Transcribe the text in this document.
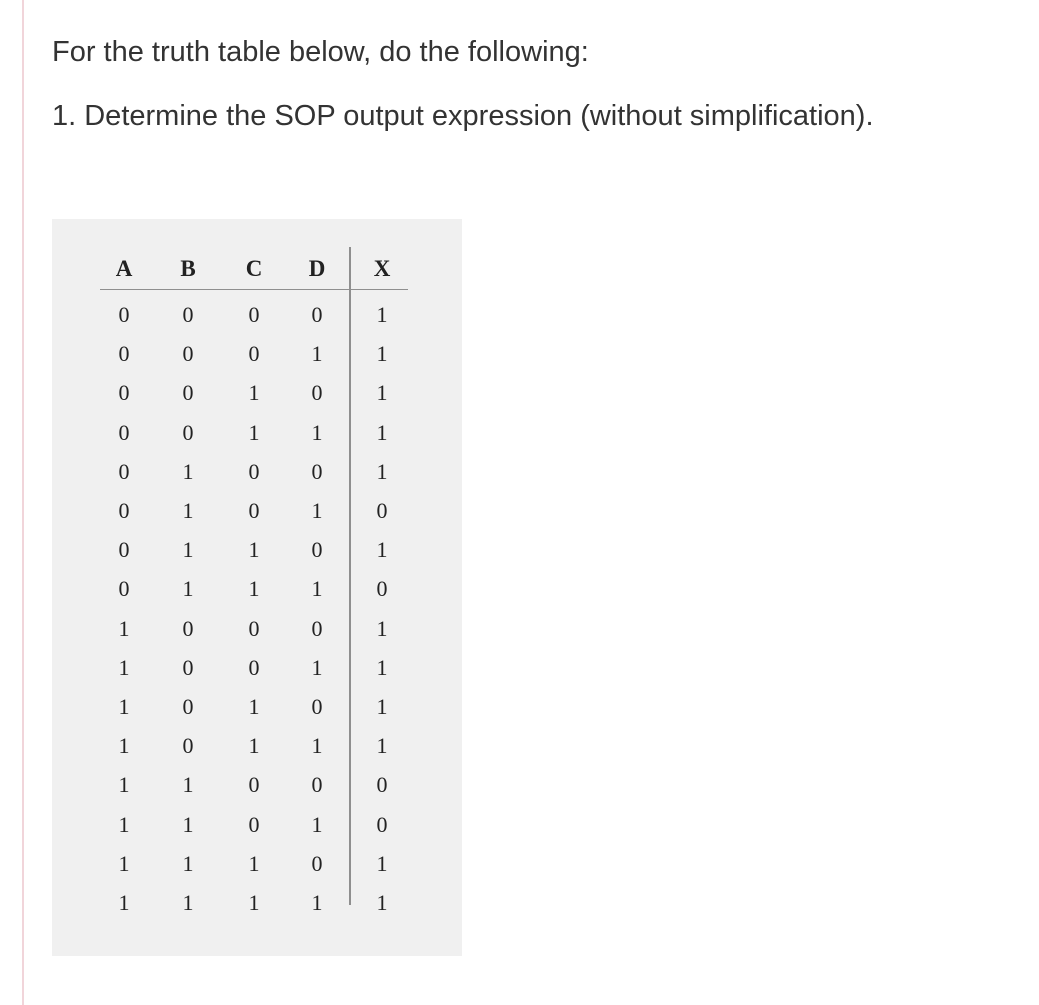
For the truth table below, do the following:
1. Determine the SOP output expression (without simplification).
A	B	C	D	X
0	0	0	0	1
0	0	0	1	1
0	0	1	0	1
0	0	1	1	1
0	1	0	0	1
0	1	0	1	0
0	1	1	0	1
0	1	1	1	0
1	0	0	0	1
1	0	0	1	1
1	0	1	0	1
1	0	1	1	1
1	1	0	0	0
1	1	0	1	0
1	1	1	0	1
1	1	1	1	1
